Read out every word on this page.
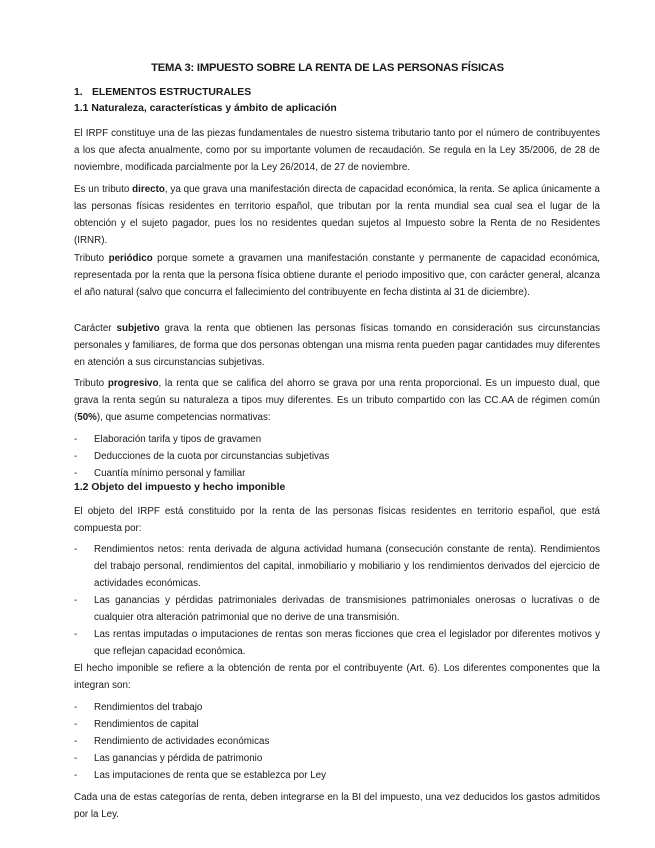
TEMA 3: IMPUESTO SOBRE LA RENTA DE LAS PERSONAS FÍSICAS
1. ELEMENTOS ESTRUCTURALES
1.1 Naturaleza, características y ámbito de aplicación

El IRPF constituye una de las piezas fundamentales de nuestro sistema tributario tanto por el número de contribuyentes a los que afecta anualmente, como por su importante volumen de recaudación. Se regula en la Ley 35/2006, de 28 de noviembre, modificada parcialmente por la Ley 26/2014, de 27 de noviembre.

Es un tributo directo, ya que grava una manifestación directa de capacidad económica, la renta. Se aplica únicamente a las personas físicas residentes en territorio español, que tributan por la renta mundial sea cual sea el lugar de la obtención y el sujeto pagador, pues los no residentes quedan sujetos al Impuesto sobre la Renta de no Residentes (IRNR).

Tributo periódico porque somete a gravamen una manifestación constante y permanente de capacidad económica, representada por la renta que la persona física obtiene durante el periodo impositivo que, con carácter general, alcanza el año natural (salvo que concurra el fallecimiento del contribuyente en fecha distinta al 31 de diciembre).

Carácter subjetivo grava la renta que obtienen las personas físicas tomando en consideración sus circunstancias personales y familiares, de forma que dos personas obtengan una misma renta pueden pagar cantidades muy diferentes en atención a sus circunstancias subjetivas.

Tributo progresivo, la renta que se califica del ahorro se grava por una renta proporcional. Es un impuesto dual, que grava la renta según su naturaleza a tipos muy diferentes. Es un tributo compartido con las CC.AA de régimen común (50%), que asume competencias normativas:

- Elaboración tarifa y tipos de gravamen
- Deducciones de la cuota por circunstancias subjetivas
- Cuantía mínimo personal y familiar
1.2 Objeto del impuesto y hecho imponible

El objeto del IRPF está constituido por la renta de las personas físicas residentes en territorio español, que está compuesta por:

- Rendimientos netos: renta derivada de alguna actividad humana (consecución constante de renta). Rendimientos del trabajo personal, rendimientos del capital, inmobiliario y mobiliario y los rendimientos derivados del ejercicio de actividades económicas.
- Las ganancias y pérdidas patrimoniales derivadas de transmisiones patrimoniales onerosas o lucrativas o de cualquier otra alteración patrimonial que no derive de una transmisión.
- Las rentas imputadas o imputaciones de rentas son meras ficciones que crea el legislador por diferentes motivos y que reflejan capacidad económica.

El hecho imponible se refiere a la obtención de renta por el contribuyente (Art. 6). Los diferentes componentes que la integran son:

- Rendimientos del trabajo
- Rendimientos de capital
- Rendimiento de actividades económicas
- Las ganancias y pérdida de patrimonio
- Las imputaciones de renta que se establezca por Ley

Cada una de estas categorías de renta, deben integrarse en la BI del impuesto, una vez deducidos los gastos admitidos por la Ley.
